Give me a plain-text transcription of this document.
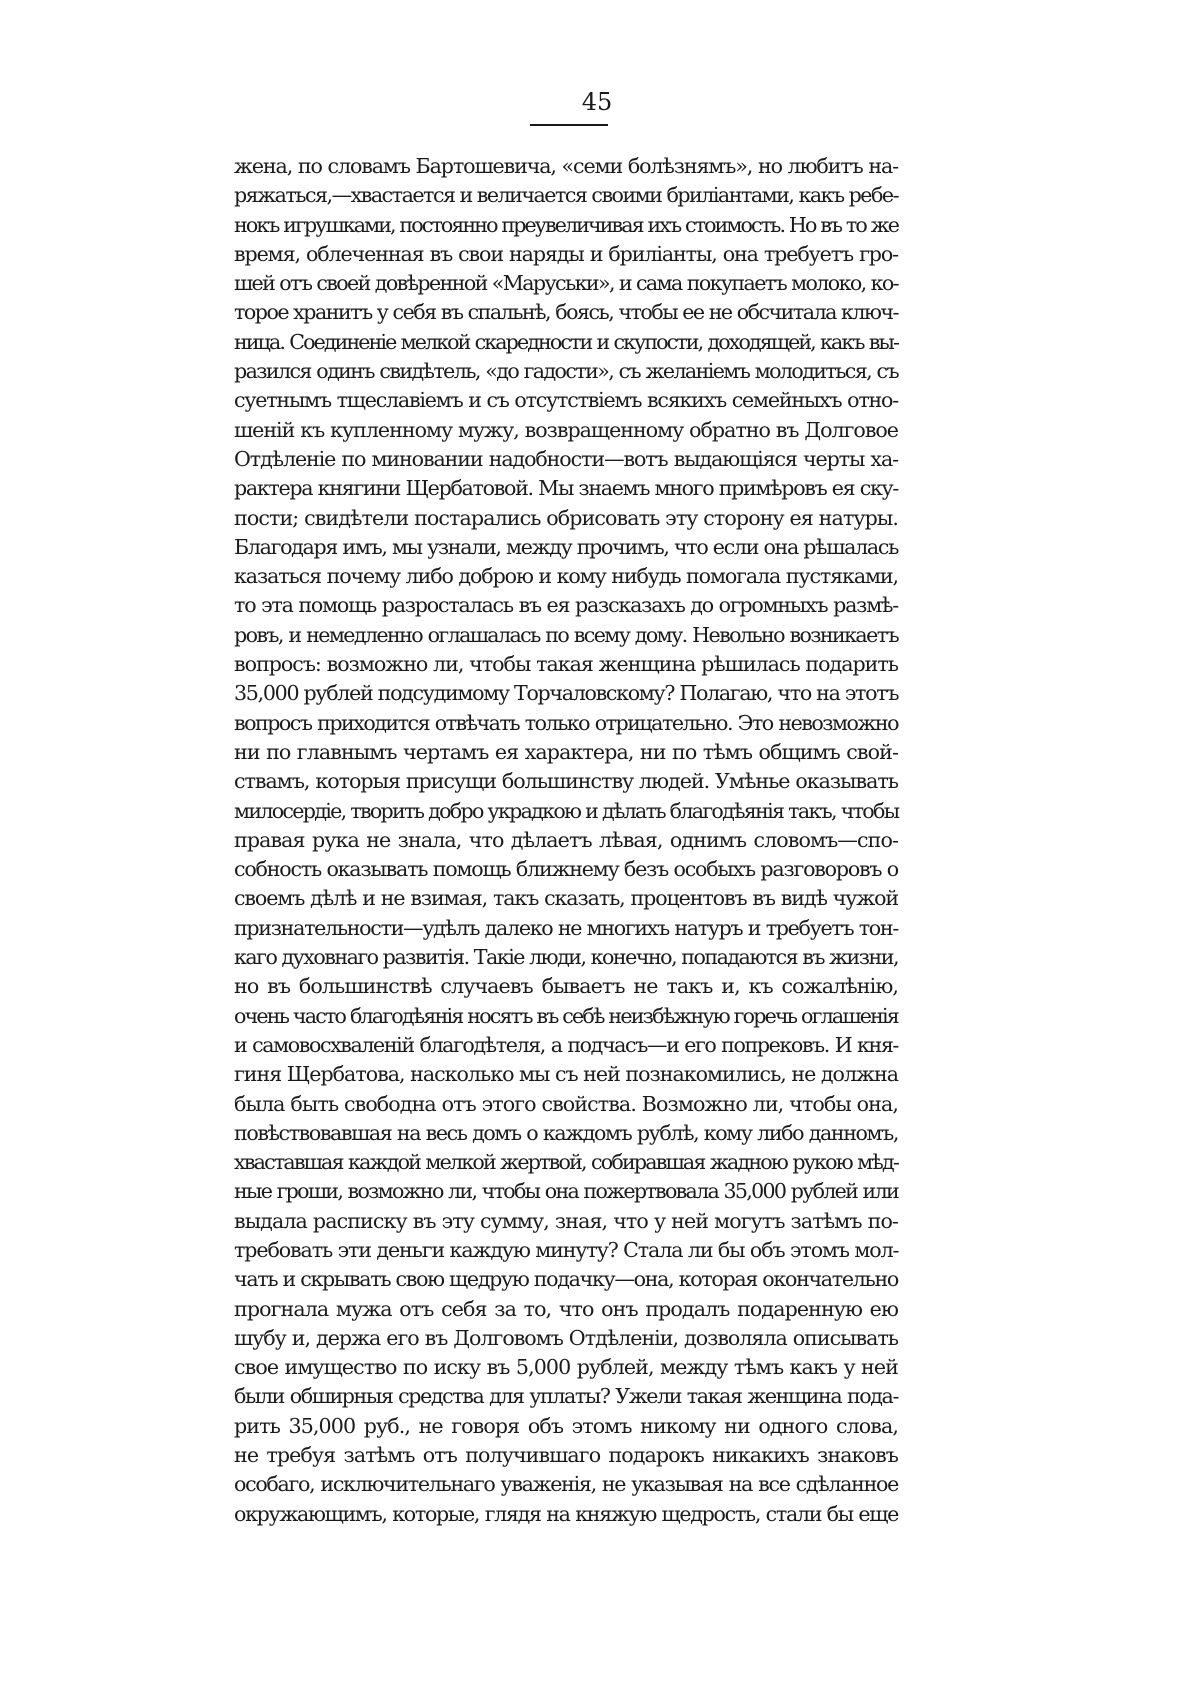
45
жена, по словамъ Бартошевича, «семи болѣзнямъ», но любитъ на-
ряжаться,—хвастается и величается своими бриліантами, какъ ребе-
нокъ игрушками, постоянно преувеличивая ихъ стоимость. Но въ то же
время, облеченная въ свои наряды и бриліанты, она требуетъ гро-
шей отъ своей довѣренной «Маруськи», и сама покупаетъ молоко, ко-
торое хранитъ у себя въ спальнѣ, боясь, чтобы ее не обсчитала ключ-
ница. Соединеніе мелкой скаредности и скупости, доходящей, какъ вы-
разился одинъ свидѣтель, «до гадости», съ желаніемъ молодиться, съ
суетнымъ тщеславіемъ и съ отсутствіемъ всякихъ семейныхъ отно-
шеній къ купленному мужу, возвращенному обратно въ Долговое
Отдѣленіе по миновании надобности—вотъ выдающіяся черты ха-
рактера княгини Щербатовой. Мы знаемъ много примѣровъ ея ску-
пости; свидѣтели постарались обрисовать эту сторону ея натуры.
Благодаря имъ, мы узнали, между прочимъ, что если она рѣшалась
казаться почему либо доброю и кому нибудь помогала пустяками,
то эта помощь разросталась въ ея разсказахъ до огромныхъ размѣ-
ровъ, и немедленно оглашалась по всему дому. Невольно возникаетъ
вопросъ: возможно ли, чтобы такая женщина рѣшилась подарить
35,000 рублей подсудимому Торчаловскому? Полагаю, что на этотъ
вопросъ приходится отвѣчать только отрицательно. Это невозможно
ни по главнымъ чертамъ ея характера, ни по тѣмъ общимъ свой-
ствамъ, которыя присущи большинству людей. Умѣнье оказывать
милосердіе, творить добро украдкою и дѣлать благодѣянія такъ, чтобы
правая рука не знала, что дѣлаетъ лѣвая, однимъ словомъ—спо-
собность оказывать помощь ближнему безъ особыхъ разговоровъ о
своемъ дѣлѣ и не взимая, такъ сказать, процентовъ въ видѣ чужой
признательности—удѣлъ далеко не многихъ натуръ и требуетъ тон-
каго духовнаго развитія. Такіе люди, конечно, попадаются въ жизни,
но въ большинствѣ случаевъ бываетъ не такъ и, къ сожалѣнію,
очень часто благодѣянія носятъ въ себѣ неизбѣжную горечь оглашенія
и самовосхваленій благодѣтеля, а подчасъ—и его попрековъ. И кня-
гиня Щербатова, насколько мы съ ней познакомились, не должна
была быть свободна отъ этого свойства. Возможно ли, чтобы она,
повѣствовавшая на весь домъ о каждомъ рублѣ, кому либо данномъ,
хваставшая каждой мелкой жертвой, собиравшая жадною рукою мѣд-
ные гроши, возможно ли, чтобы она пожертвовала 35,000 рублей или
выдала расписку въ эту сумму, зная, что у ней могутъ затѣмъ по-
требовать эти деньги каждую минуту? Стала ли бы объ этомъ мол-
чать и скрывать свою щедрую подачку—она, которая окончательно
прогнала мужа отъ себя за то, что онъ продалъ подаренную ею
шубу и, держа его въ Долговомъ Отдѣленіи, дозволяла описывать
свое имущество по иску въ 5,000 рублей, между тѣмъ какъ у ней
были обширныя средства для уплаты? Ужели такая женщина пода-
рить 35,000 руб., не говоря объ этомъ никому ни одного слова,
не требуя затѣмъ отъ получившаго подарокъ никакихъ знаковъ
особаго, исключительнаго уваженія, не указывая на все сдѣланное
окружающимъ, которые, глядя на княжую щедрость, стали бы еще
